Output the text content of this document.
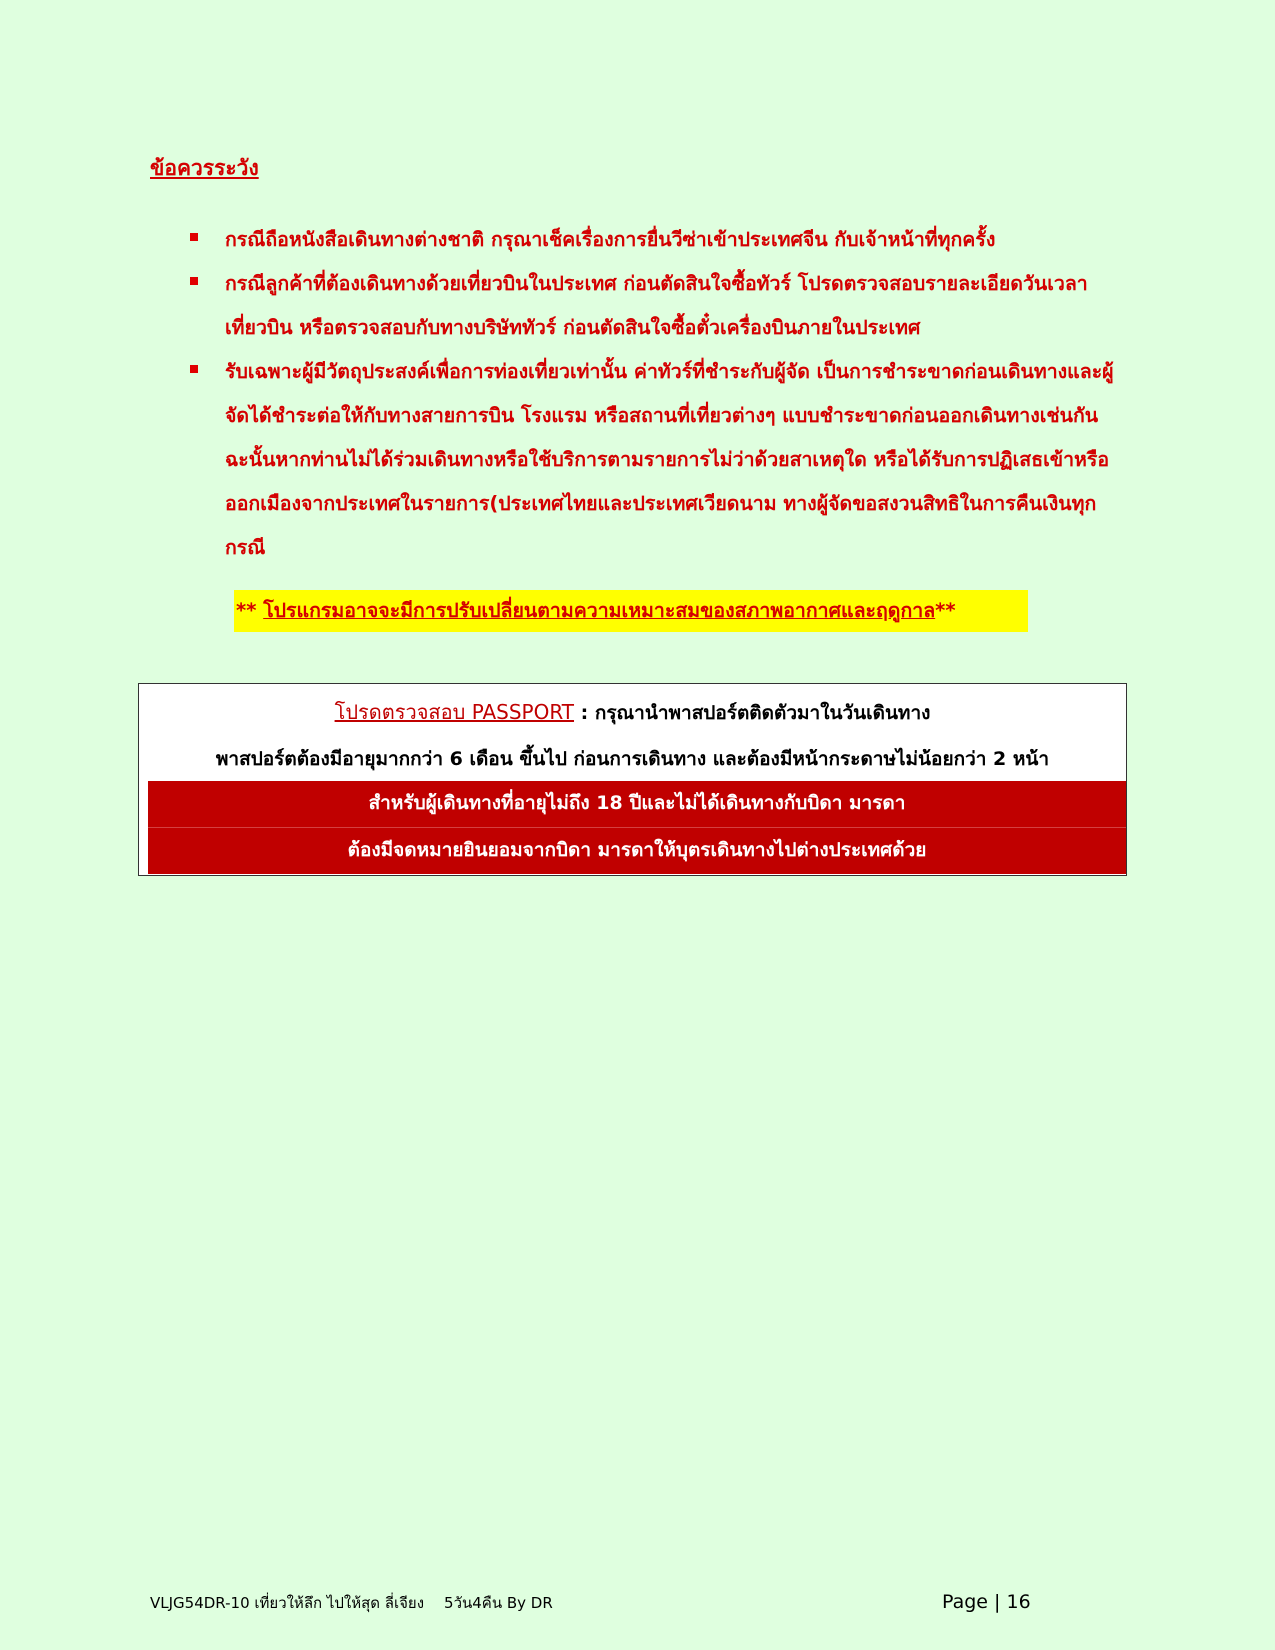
ข้อควรระวัง
กรณีถือหนังสือเดินทางต่างชาติ กรุณาเช็คเรื่องการยื่นวีซ่าเข้าประเทศจีน กับเจ้าหน้าที่ทุกครั้ง
กรณีลูกค้าที่ต้องเดินทางด้วยเที่ยวบินในประเทศ ก่อนตัดสินใจซื้อทัวร์ โปรดตรวจสอบรายละเอียดวันเวลา เที่ยวบิน หรือตรวจสอบกับทางบริษัททัวร์ ก่อนตัดสินใจซื้อตั๋วเครื่องบินภายในประเทศ
รับเฉพาะผู้มีวัตถุประสงค์เพื่อการท่องเที่ยวเท่านั้น ค่าทัวร์ที่ชำระกับผู้จัด เป็นการชำระขาดก่อนเดินทางและผู้จัดได้ชำระต่อให้กับทางสายการบิน โรงแรม หรือสถานที่เที่ยวต่างๆ แบบชำระขาดก่อนออกเดินทางเช่นกัน ฉะนั้นหากท่านไม่ได้ร่วมเดินทางหรือใช้บริการตามรายการไม่ว่าด้วยสาเหตุใด หรือได้รับการปฏิเสธเข้าหรือออกเมืองจากประเทศในรายการ(ประเทศไทยและประเทศเวียดนาม ทางผู้จัดขอสงวนสิทธิในการคืนเงินทุกกรณี
** โปรแกรมอาจจะมีการปรับเปลี่ยนตามความเหมาะสมของสภาพอากาศและฤดูกาล**
โปรดตรวจสอบ PASSPORT : กรุณานำพาสปอร์ตติดตัวมาในวันเดินทาง
พาสปอร์ตต้องมีอายุมากกว่า 6 เดือน ขึ้นไป ก่อนการเดินทาง และต้องมีหน้ากระดาษไม่น้อยกว่า 2 หน้า
สำหรับผู้เดินทางที่อายุไม่ถึง 18 ปีและไม่ได้เดินทางกับบิดา มารดา
ต้องมีจดหมายยินยอมจากบิดา มารดาให้บุตรเดินทางไปต่างประเทศด้วย
VLJG54DR-10 เที่ยวให้ลึก ไปให้สุด ลี่เจียง 5วัน4คืน By DR	Page | 16
